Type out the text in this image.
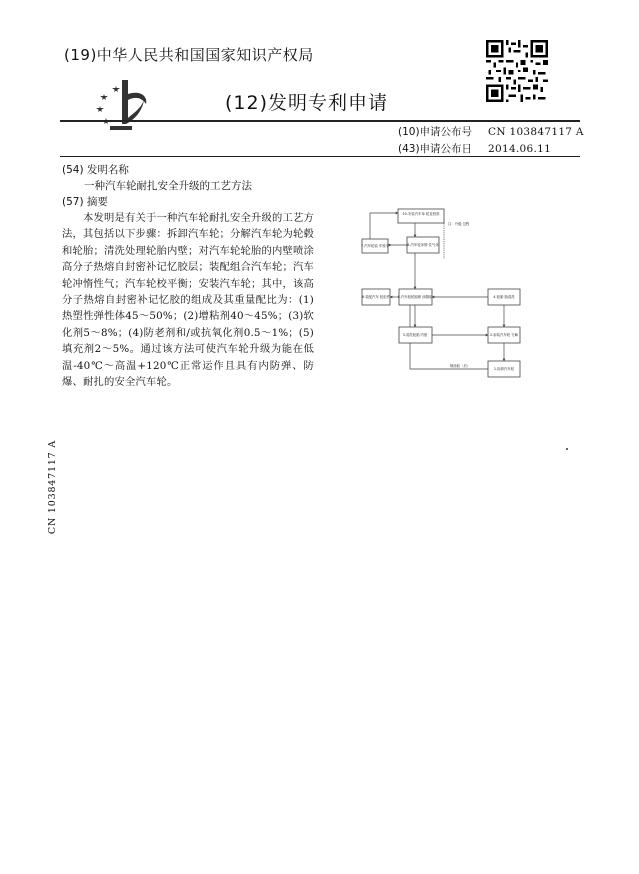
(19)中华人民共和国国家知识产权局
(12)发明专利申请
(10)申请公布号 CN 103847117 A
(43)申请公布日 2014.06.11
(54) 发明名称
一种汽车轮耐扎安全升级的工艺方法
(57) 摘要
本发明是有关于一种汽车轮耐扎安全升级的工艺方法，其包括以下步骤：拆卸汽车轮；分解汽车轮为轮毂和轮胎；清洗处理轮胎内壁；对汽车轮轮胎的内壁喷涂高分子热熔自封密补记忆胶层；装配组合汽车轮；汽车轮冲惰性气；汽车轮校平衡；安装汽车轮；其中，该高分子热熔自封密补记忆胶的组成及其重量配比为：(1)热塑性弹性体45～50%；(2)增粘剂40～45%；(3)软化剂5～8%；(4)防老剂和/或抗氧化剂0.5～1%；(5)填充剂2～5%。通过该方法可使汽车轮升级为能在低温-40℃～高温+120℃正常运作且具有内防弹、防爆、耐扎的安全汽车轮。
CN 103847117 A
10.安装汽车单 轮及校准
7.汽车轮装 车校平	8.汽车轮冲惰 性气体
6.装配汽车 轮组件 5.汽车轮轮胎喷 涂隔胶	4.轮胎 胎清洗
3.清洗轮胎 内壁	2.拆装汽车轮 分解
1.拆卸汽车轮
注：升级 过程
喷涂胶（后）
